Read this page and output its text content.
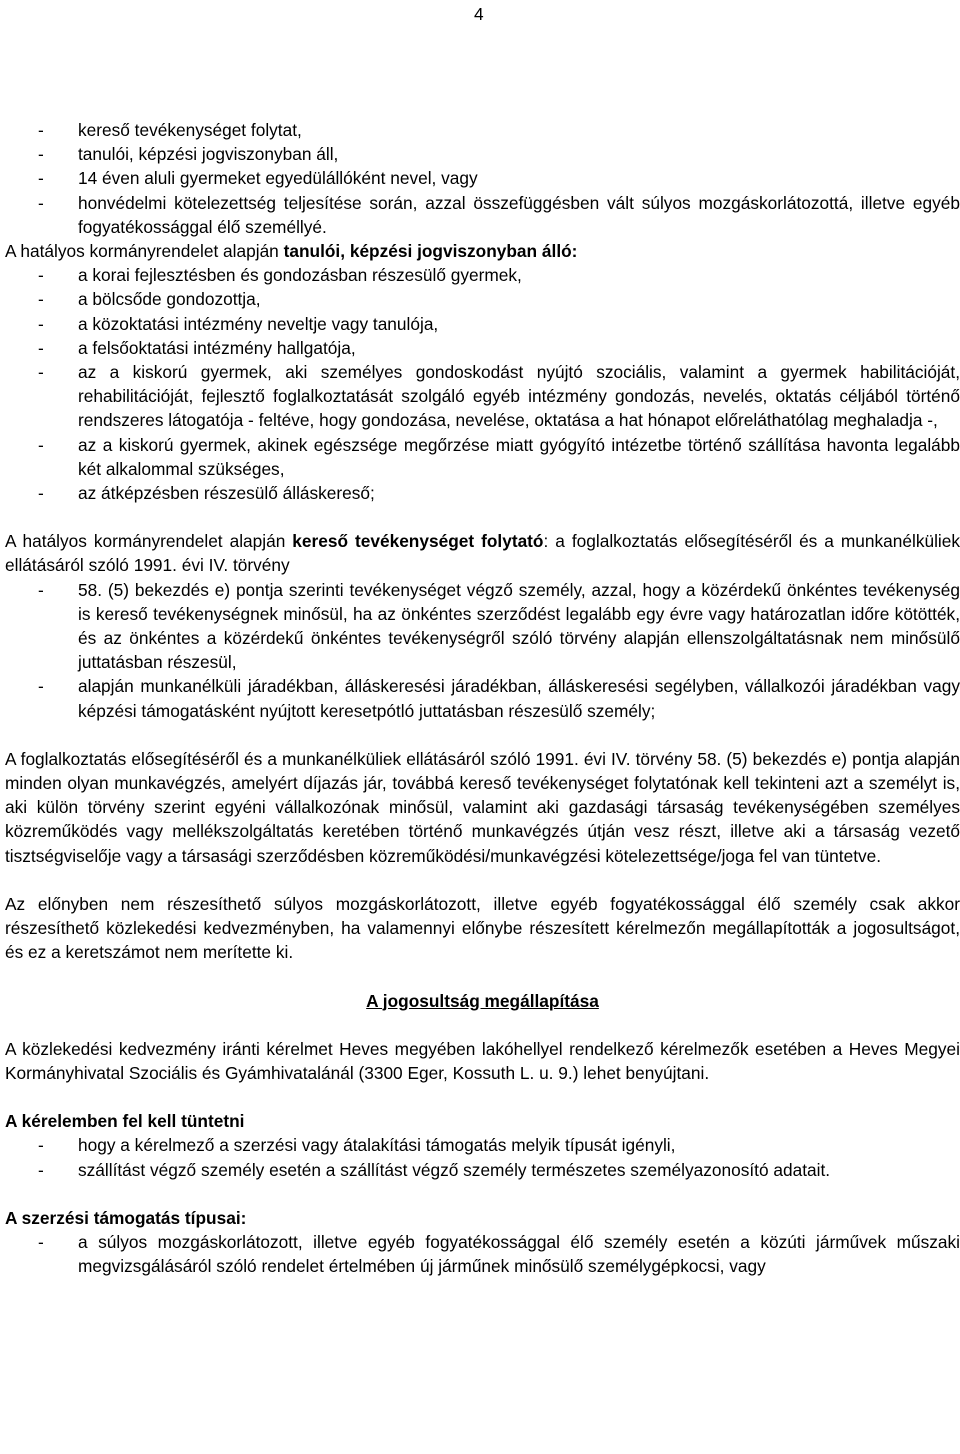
4
- kereső tevékenységet folytat,
- tanulói, képzési jogviszonyban áll,
- 14 éven aluli gyermeket egyedülállóként nevel, vagy
- honvédelmi kötelezettség teljesítése során, azzal összefüggésben vált súlyos mozgáskorlátozottá, illetve egyéb fogyatékossággal élő személlyé.

A hatályos kormányrendelet alapján tanulói, képzési jogviszonyban álló:

- a korai fejlesztésben és gondozásban részesülő gyermek,
- a bölcsőde gondozottja,
- a közoktatási intézmény neveltje vagy tanulója,
- a felsőoktatási intézmény hallgatója,
- az a kiskorú gyermek, aki személyes gondoskodást nyújtó szociális, valamint a gyermek habilitációját, rehabilitációját, fejlesztő foglalkoztatását szolgáló egyéb intézmény gondozás, nevelés, oktatás céljából történő rendszeres látogatója - feltéve, hogy gondozása, nevelése, oktatása a hat hónapot előreláthatólag meghaladja -,
- az a kiskorú gyermek, akinek egészsége megőrzése miatt gyógyító intézetbe történő szállítása havonta legalább két alkalommal szükséges,
- az átképzésben részesülő álláskereső;

A hatályos kormányrendelet alapján kereső tevékenységet folytató: a foglalkoztatás elősegítéséről és a munkanélküliek ellátásáról szóló 1991. évi IV. törvény

- 58. (5) bekezdés e) pontja szerinti tevékenységet végző személy, azzal, hogy a közérdekű önkéntes tevékenység is kereső tevékenységnek minősül, ha az önkéntes szerződést legalább egy évre vagy határozatlan időre kötötték, és az önkéntes a közérdekű önkéntes tevékenységről szóló törvény alapján ellenszolgáltatásnak nem minősülő juttatásban részesül,
- alapján munkanélküli járadékban, álláskeresési járadékban, álláskeresési segélyben, vállalkozói járadékban vagy képzési támogatásként nyújtott keresetpótló juttatásban részesülő személy;

A foglalkoztatás elősegítéséről és a munkanélküliek ellátásáról szóló 1991. évi IV. törvény 58. (5) bekezdés e) pontja alapján minden olyan munkavégzés, amelyért díjazás jár, továbbá kereső tevékenységet folytatónak kell tekinteni azt a személyt is, aki külön törvény szerint egyéni vállalkozónak minősül, valamint aki gazdasági társaság tevékenységében személyes közreműködés vagy mellékszolgáltatás keretében történő munkavégzés útján vesz részt, illetve aki a társaság vezető tisztségviselője vagy a társasági szerződésben közreműködési/munkavégzési kötelezettsége/joga fel van tüntetve.

Az előnyben nem részesíthető súlyos mozgáskorlátozott, illetve egyéb fogyatékossággal élő személy csak akkor részesíthető közlekedési kedvezményben, ha valamennyi előnybe részesített kérelmezőn megállapították a jogosultságot, és ez a keretszámot nem merítette ki.

A jogosultság megállapítása

A közlekedési kedvezmény iránti kérelmet Heves megyében lakóhellyel rendelkező kérelmezők esetében a Heves Megyei Kormányhivatal Szociális és Gyámhivatalánál (3300 Eger, Kossuth L. u. 9.) lehet benyújtani.

A kérelemben fel kell tüntetni

- hogy a kérelmező a szerzési vagy átalakítási támogatás melyik típusát igényli,
- szállítást végző személy esetén a szállítást végző személy természetes személyazonosító adatait.

A szerzési támogatás típusai:

- a súlyos mozgáskorlátozott, illetve egyéb fogyatékossággal élő személy esetén a közúti járművek műszaki megvizsgálásáról szóló rendelet értelmében új járműnek minősülő személygépkocsi, vagy
